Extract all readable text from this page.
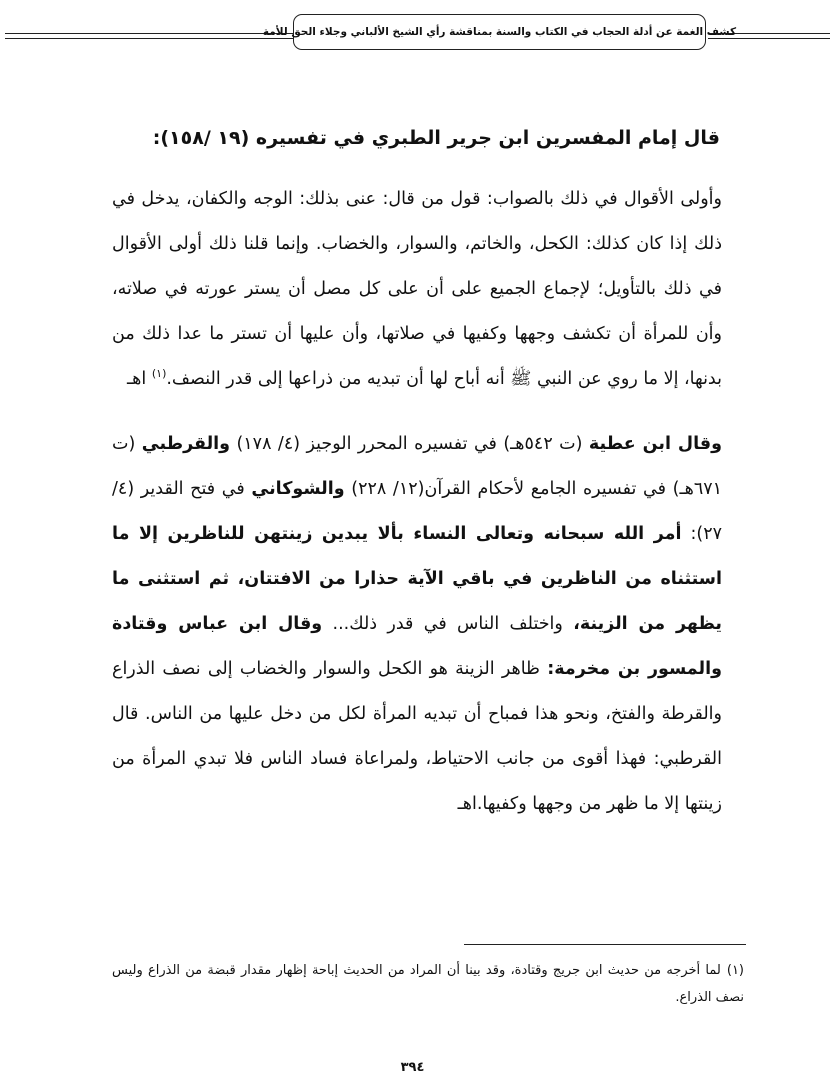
كشف الغمة عن أدلة الحجاب في الكتاب والسنة بمناقشة رأي الشيخ الألباني وجلاء الحق للأمة

قال إمام المفسرين ابن جرير الطبري في تفسيره (١٩ /١٥٨):

وأولى الأقوال في ذلك بالصواب: قول من قال: عنى بذلك: الوجه والكفان، يدخل في ذلك إذا كان كذلك: الكحل، والخاتم، والسوار، والخضاب. وإنما قلنا ذلك أولى الأقوال في ذلك بالتأويل؛ لإجماع الجميع على أن على كل مصل أن يستر عورته في صلاته، وأن للمرأة أن تكشف وجهها وكفيها في صلاتها، وأن عليها أن تستر ما عدا ذلك من بدنها، إلا ما روي عن النبي ﷺ أنه أباح لها أن تبديه من ذراعها إلى قدر النصف.$^{(١)}$ اهـ

وقال ابن عطية (ت ٥٤٢هـ) في تفسيره المحرر الوجيز (٤/ ١٧٨) والقرطبي (ت ٦٧١هـ) في تفسيره الجامع لأحكام القرآن(١٢/ ٢٢٨) والشوكاني في فتح القدير (٤/ ٢٧): أمر الله سبحانه وتعالى النساء بألا يبدين زينتهن للناظرين إلا ما استثناه من الناظرين في باقي الآية حذارا من الافتتان، ثم استثنى ما يظهر من الزينة، واختلف الناس في قدر ذلك... وقال ابن عباس وقتادة والمسور بن مخرمة: ظاهر الزينة هو الكحل والسوار والخضاب إلى نصف الذراع والقرطة والفتخ، ونحو هذا فمباح أن تبديه المرأة لكل من دخل عليها من الناس. قال القرطبي: فهذا أقوى من جانب الاحتياط، ولمراعاة فساد الناس فلا تبدي المرأة من زينتها إلا ما ظهر من وجهها وكفيها.اهـ

(١)لما أخرجه من حديث ابن جريج وقتادة، وقد بينا أن المراد من الحديث إباحة إظهار مقدار قبضة من الذراع وليس نصف الذراع.
٣٩٤
